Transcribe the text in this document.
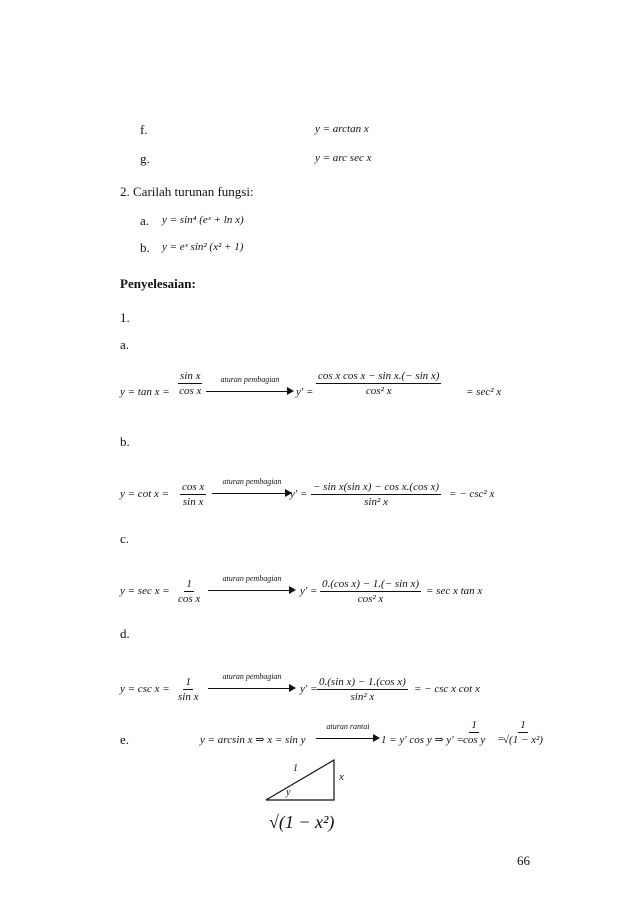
f.	y = arctan x
g.	y = arc sec x
2. Carilah turunan fungsi:
a. y = sin⁴ (eˣ + ln x)
b. y = eˣ sin² (x² + 1)
Penyelesaian:
1.
a.
$y = \tan x = \frac{\text{sin x}}{\text{cos x}}$	aturan pembagian
$y' = \frac{\text{cos x cos x − sin x.(− sin x)}}{\text{cos² x}} = \sec^2$ x
b.
$y = \cot x = \frac{\text{cos x}}{\text{sin x}}$	aturan pembagian
$y' = \frac{\text{− sin x(sin x) − cos x.(cos x)}}{\text{sin² x}}$ = − csc² x
c.
$y = \sec x = \frac{1}{\text{cos x}}$	aturan pembagian
$y' = \frac{\text{0.(cos x) − 1.(− sin x)}}{\text{cos² x}} = \sec x$ tan x
d.
$y = \csc x = \frac{1}{\text{sin x}}$	aturan pembagian
$y' = \frac{\text{0.(sin x) − 1.(cos x)}}{\text{sin² x}}$ = − csc x cot x
e.	y = arcsin x ⇒ x = sin y
aturan rantai
1 = y' cos y ⇒ $y' = \frac{1}{\text{cos y}}$ =
$\frac{1}{\text{√(1 − x²)}}$
1
x
y
√(1 − x²)
66
